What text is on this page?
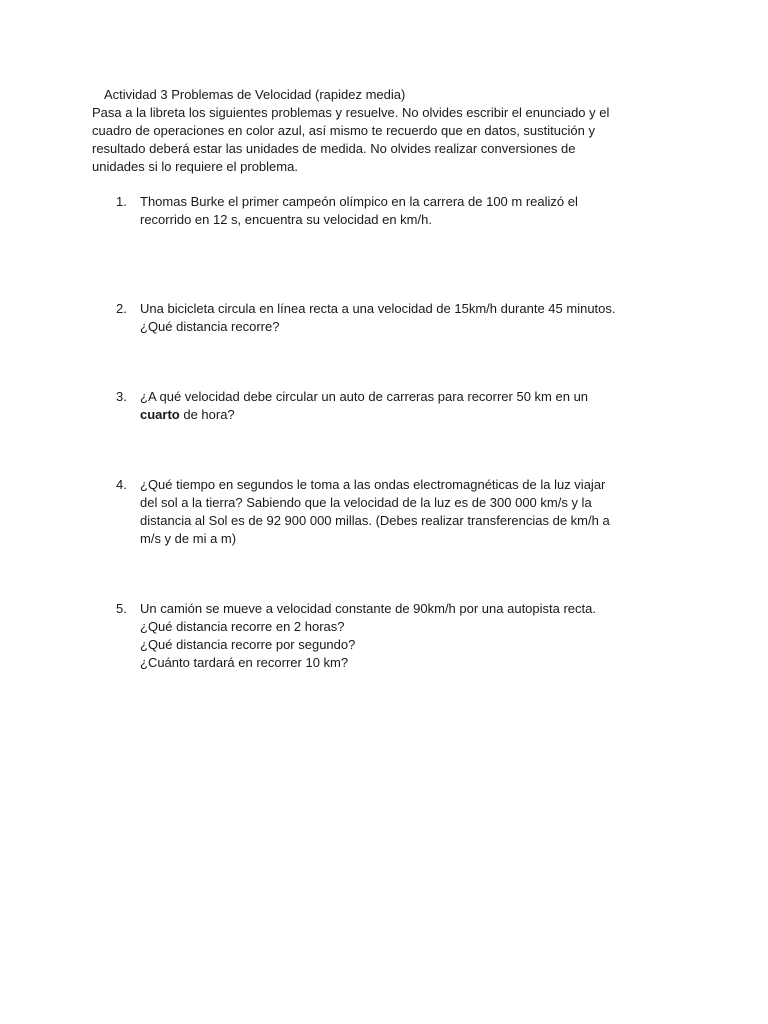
Actividad 3 Problemas de Velocidad (rapidez media)

Pasa a la libreta los siguientes problemas y resuelve. No olvides escribir el enunciado y el
cuadro de operaciones en color azul, así mismo te recuerdo que en datos, sustitución y
resultado deberá estar las unidades de medida. No olvides realizar conversiones de
unidades si lo requiere el problema.

1.	Thomas Burke el primer campeón olímpico en la carrera de 100 m realizó el
recorrido en 12 s, encuentra su velocidad en km/h.
2.	Una bicicleta circula en línea recta a una velocidad de 15km/h durante 45 minutos.
¿Qué distancia recorre?
3.	¿A qué velocidad debe circular un auto de carreras para recorrer 50 km en un
cuarto de hora?
4.	¿Qué tiempo en segundos le toma a las ondas electromagnéticas de la luz viajar
del sol a la tierra? Sabiendo que la velocidad de la luz es de 300 000 km/s y la
distancia al Sol es de 92 900 000 millas. (Debes realizar transferencias de km/h a
m/s y de mi a m)
5.	Un camión se mueve a velocidad constante de 90km/h por una autopista recta.
¿Qué distancia recorre en 2 horas?
¿Qué distancia recorre por segundo?
¿Cuánto tardará en recorrer 10 km?
